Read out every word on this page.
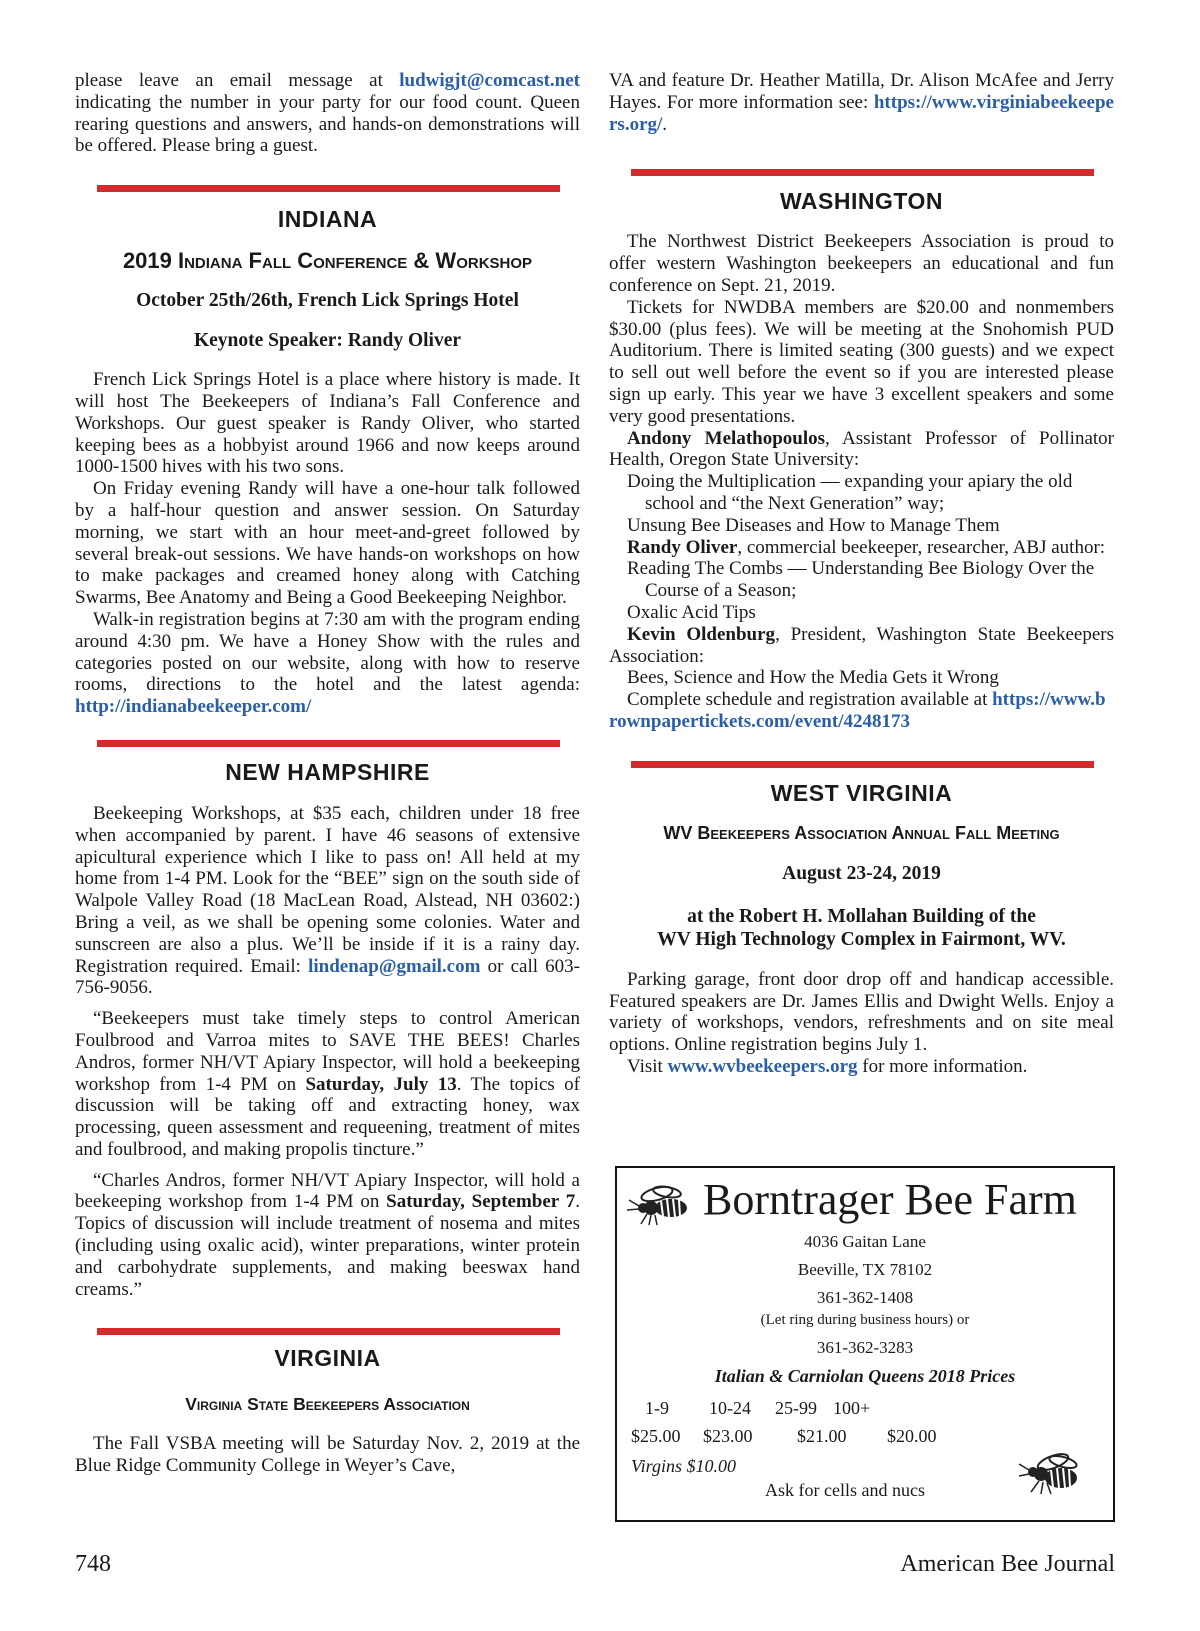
please leave an email message at ludwigjt@comcast.net indicating the number in your party for our food count. Queen rearing questions and answers, and hands-on demonstrations will be offered. Please bring a guest.

INDIANA
2019 Indiana Fall Conference & Workshop
October 25th/26th, French Lick Springs Hotel
Keynote Speaker: Randy Oliver

French Lick Springs Hotel is a place where history is made. It will host The Beekeepers of Indiana’s Fall Conference and Workshops. Our guest speaker is Randy Oliver, who started keeping bees as a hobbyist around 1966 and now keeps around 1000-1500 hives with his two sons.

On Friday evening Randy will have a one-hour talk followed by a half-hour question and answer session. On Saturday morning, we start with an hour meet-and-greet followed by several break-out sessions. We have hands-on workshops on how to make packages and creamed honey along with Catching Swarms, Bee Anatomy and Being a Good Beekeeping Neighbor.

Walk-in registration begins at 7:30 am with the program ending around 4:30 pm. We have a Honey Show with the rules and categories posted on our website, along with how to reserve rooms, directions to the hotel and the latest agenda: http://indianabeekeeper.com/

NEW HAMPSHIRE

Beekeeping Workshops, at $35 each, children under 18 free when accompanied by parent. I have 46 seasons of extensive apicultural experience which I like to pass on! All held at my home from 1-4 PM. Look for the “BEE” sign on the south side of Walpole Valley Road (18 MacLean Road, Alstead, NH 03602:) Bring a veil, as we shall be opening some colonies. Water and sunscreen are also a plus. We’ll be inside if it is a rainy day. Registration required. Email: lindenap@gmail.com or call 603-756-9056.

“Beekeepers must take timely steps to control American Foulbrood and Varroa mites to SAVE THE BEES! Charles Andros, former NH/VT Apiary Inspector, will hold a beekeeping workshop from 1-4 PM on Saturday, July 13. The topics of discussion will be taking off and extracting honey, wax processing, queen assessment and requeening, treatment of mites and foulbrood, and making propolis tincture.”

“Charles Andros, former NH/VT Apiary Inspector, will hold a beekeeping workshop from 1-4 PM on Saturday, September 7. Topics of discussion will include treatment of nosema and mites (including using oxalic acid), winter preparations, winter protein and carbohydrate supplements, and making beeswax hand creams.”

VIRGINIA
Virginia State Beekeepers Association

The Fall VSBA meeting will be Saturday Nov. 2, 2019 at the Blue Ridge Community College in Weyer’s Cave,

VA and feature Dr. Heather Matilla, Dr. Alison McAfee and Jerry Hayes. For more information see: https://www.virginiabeekeepers.org/.

WASHINGTON

The Northwest District Beekeepers Association is proud to offer western Washington beekeepers an educational and fun conference on Sept. 21, 2019.

Tickets for NWDBA members are $20.00 and nonmembers $30.00 (plus fees). We will be meeting at the Snohomish PUD Auditorium. There is limited seating (300 guests) and we expect to sell out well before the event so if you are interested please sign up early. This year we have 3 excellent speakers and some very good presentations.

Andony Melathopoulos, Assistant Professor of Pollinator Health, Oregon State University:

Doing the Multiplication — expanding your apiary the old school and “the Next Generation” way;

Unsung Bee Diseases and How to Manage Them

Randy Oliver, commercial beekeeper, researcher, ABJ author:

Reading The Combs — Understanding Bee Biology Over the Course of a Season;

Oxalic Acid Tips

Kevin Oldenburg, President, Washington State Beekeepers Association:

Bees, Science and How the Media Gets it Wrong

Complete schedule and registration available at https://www.brownpapertickets.com/event/4248173

WEST VIRGINIA
WV Beekeepers Association Annual Fall Meeting
August 23-24, 2019
at the Robert H. Mollahan Building of the
WV High Technology Complex in Fairmont, WV.

Parking garage, front door drop off and handicap accessible. Featured speakers are Dr. James Ellis and Dwight Wells. Enjoy a variety of workshops, vendors, refreshments and on site meal options. Online registration begins July 1.

Visit www.wvbeekeepers.org for more information.

Borntrager Bee Farm
4036 Gaitan Lane
Beeville, TX 78102
361-362-1408
(Let ring during business hours) or
361-362-3283
Italian & Carniolan Queens 2018 Prices
1-9 10-24 25-99 100+
$25.00 $23.00 $21.00 $20.00
Virgins $10.00
Ask for cells and nucs
748	American Bee Journal
